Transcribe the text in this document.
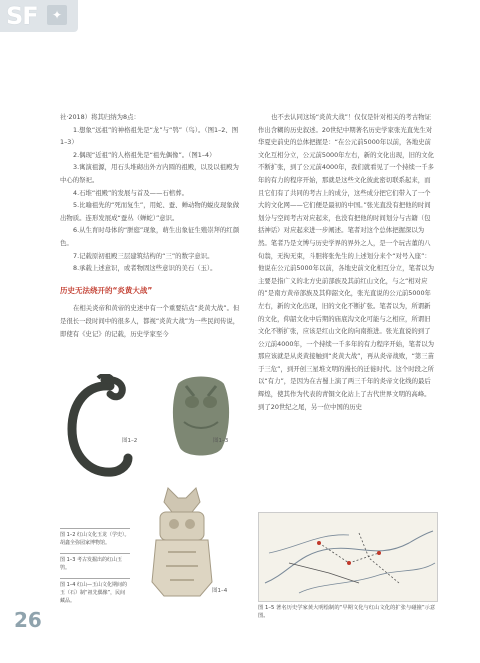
SF	✦

社·2018）将其归纳为8点：

1.想象“远祖”的神格祖先是“龙”与“鸮”（鸟）。（图1–2、图1–3）

2.偶现“近祖”的人格祖先是“祖先偶像”。（图1–4）

3.寓演祖源，用石头堆砌出外方内圆的祖殿，以及以祖殿为中心的祭祀。

4.石堆“祖殿”的发展与首及——石棺葬。

5.比喻祖先的“死而复生”，用蛇、蚕、蝉动物的蜕皮现象做出物质。连形发展成“蚕丛（蝉蛇）”意识。

6.从生育时母体的“胼庭”现象，萌生出象征生殖崇拜的红颜色。

7.记载原初祖殿三层建筑结构的“三”的数字意识。

8.承载上述意识，或者物固这些意识的美石（玉）。

历史无法绕开的“炎黄大战”

在相关炎帝和黄帝的史述中有一个重要结点“炎黄大战”。但是很长一段时间中的很多人，都视“炎黄大战”为一些民间传说，即使有《史记》的记载，历史学家至今

也不去认同这场“炎黄大战”！仅仅是针对相关的考古物证作出含糊的历史叙述。20世纪中期著名历史学家张光直先生对华夏史前史的总体把握是：“在公元前5000年以前，各地史前文化互相分立，公元前5000年左右，新的文化出现，旧的文化不断扩张，到了公元前4000年，我们就看见了一个持续一千多年的有力的程序开始，那就是这些文化彼此密切联系起来，而且它们有了共同的考古上的成分，这些成分把它们带入了一个大的文化网——它们便是最初的中国。”张光直没有把他的时间划分与空间考古对应起来，也没有把他的时间划分与古籍（包括神话）对应起来进一步阐述。笔者对这个总体把握深以为然。笔者乃是文博与历史学界的界外之人，是一个玩古董的八旬翁，无拘无束，斗胆将张先生的上述划分来个“对号入座”：他说在公元前5000年以前，各地史前文化相互分立，笔者以为主要是指广义的北方史前部族及其前红山文化，与之“相对应的”是南方黄帝部族及其仰韶文化，张光直说的公元前5000年左右，新的文化出现，旧的文化不断扩张。笔者以为，所谓新的文化，仰韶文化中后期的庙底沟文化可能与之相应，所谓旧文化不断扩张，应该是红山文化的向南推进。张光直说的到了公元前4000年，一个持续一千多年的有力程序开始，笔者以为那应该就是从炎黄接触到“炎黄大战”，再从炎帝战败，“第三苗于三危”，到开创三星堆文明的漫长的迁徙时代。这个时段之所以“有力”，是因为在古蜀上演了两三千年的炎帝文化线的最后辉煌，使其作为代表的青铜文化站上了古代世界文明的高峰。到了20世纪之尾，另一位中国的历史

图1–2	图1–3
图 1–2 红山文化玉龙（学史）。胡鑫全弥园家博物馆。
图 1–3 考古发掘出的红山玉鸮。
图 1–4 红山—玉山文化期间的玉（石）制“祖先偶像”，民间藏品。
图1–4
图 1–5 著名历史学家黄大明绘制的“早期文化与红山文化的扩张与碰撞”示意图。
26
